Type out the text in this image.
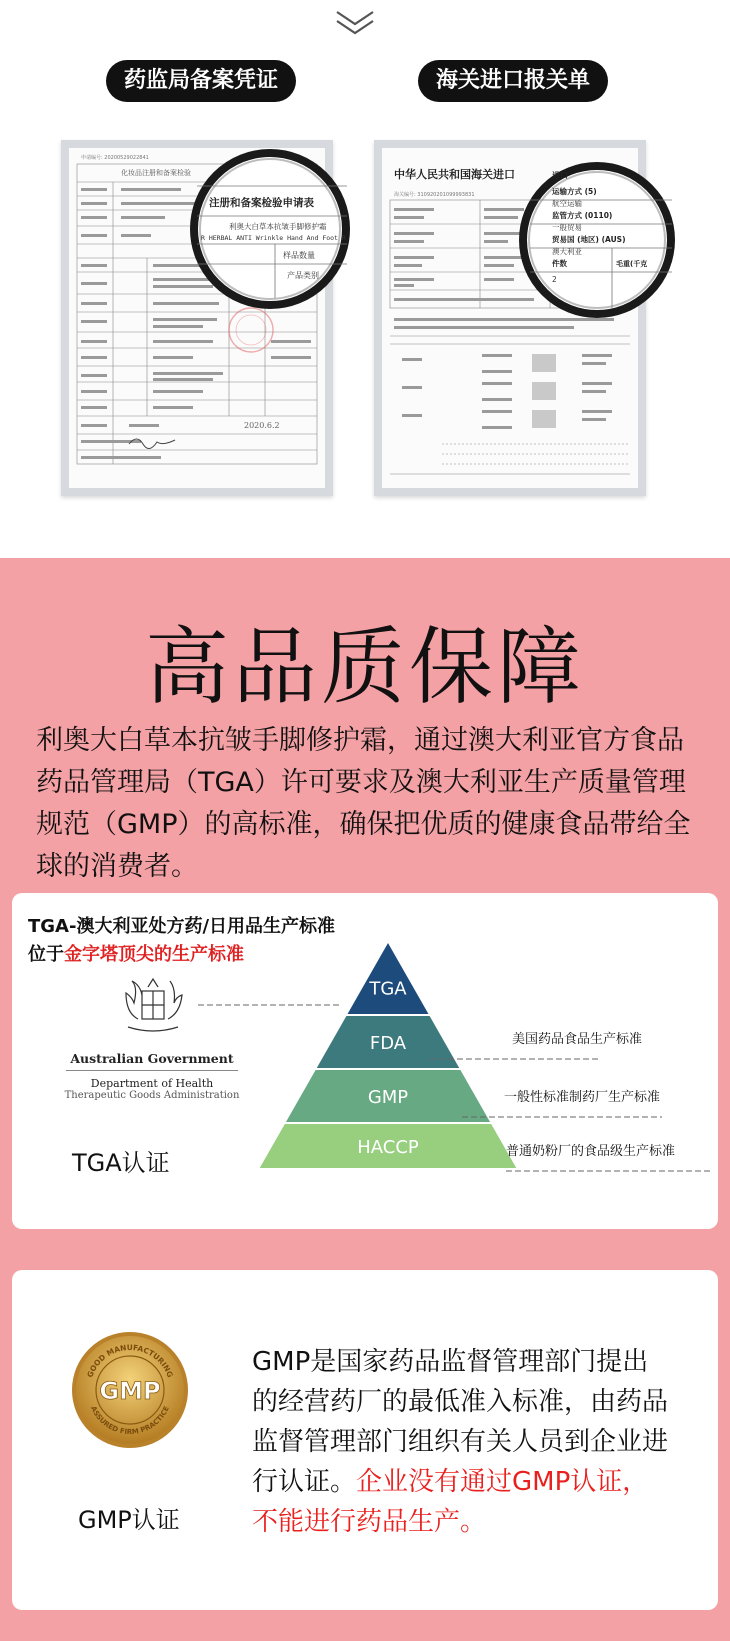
药监局备案凭证	海关进口报关单
申请编号: 20200529022841
化妆品注册和备案检验
2020.6.2
注册和备案检验申请表
利奥大白草本抗皱手脚修护霜
R HERBAL ANTI Wrinkle Hand And Foot R
样品数量
产品类别
中华人民共和国海关进口
海关编号: 310920201099993831
进口
运输方式 (5)
航空运输
监管方式 (0110)
一般贸易
贸易国 (地区) (AUS)
澳大利亚
件数	毛重(千克
2
高品质保障
利奥大白草本抗皱手脚修护霜，通过澳大利亚官方食品药品管理局（TGA）许可要求及澳大利亚生产质量管理规范（GMP）的高标准，确保把优质的健康食品带给全球的消费者。
TGA-澳大利亚处方药/日用品生产标准
位于金字塔顶尖的生产标准
Australian Government
Department of Health
Therapeutic Goods Administration
TGA认证
TGA
FDA
GMP
HACCP
美国药品食品生产标准
一般性标准制药厂生产标准
普通奶粉厂的食品级生产标准
GOOD MANUFACTURING
ASSURED FIRM PRACTICE
GMP
GMP认证
GMP是国家药品监督管理部门提出的经营药厂的最低准入标准，由药品监督管理部门组织有关人员到企业进行认证。企业没有通过GMP认证，不能进行药品生产。
